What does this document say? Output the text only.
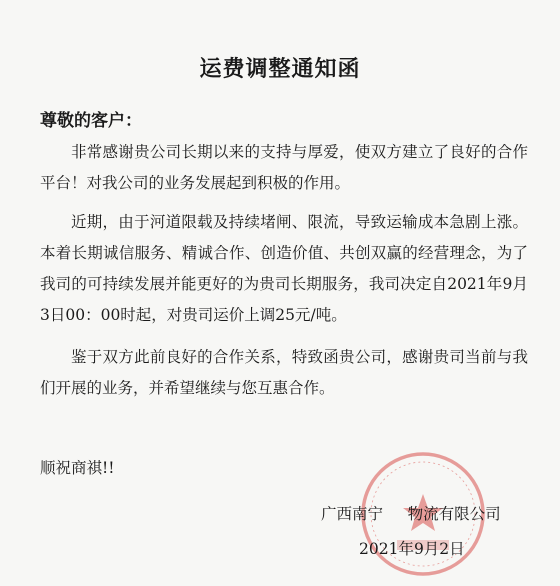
运费调整通知函
尊敬的客户：
非常感谢贵公司长期以来的支持与厚爱，使双方建立了良好的合作平台！对我公司的业务发展起到积极的作用。
近期，由于河道限载及持续堵闸、限流，导致运输成本急剧上涨。本着长期诚信服务、精诚合作、创造价值、共创双赢的经营理念，为了我司的可持续发展并能更好的为贵司长期服务，我司决定自2021年9月3日00：00时起，对贵司运价上调25元/吨。
鉴于双方此前良好的合作关系，特致函贵公司，感谢贵司当前与我们开展的业务，并希望继续与您互惠合作。
顺祝商祺!!
广西南宁     物流有限公司
2021年9月2日
